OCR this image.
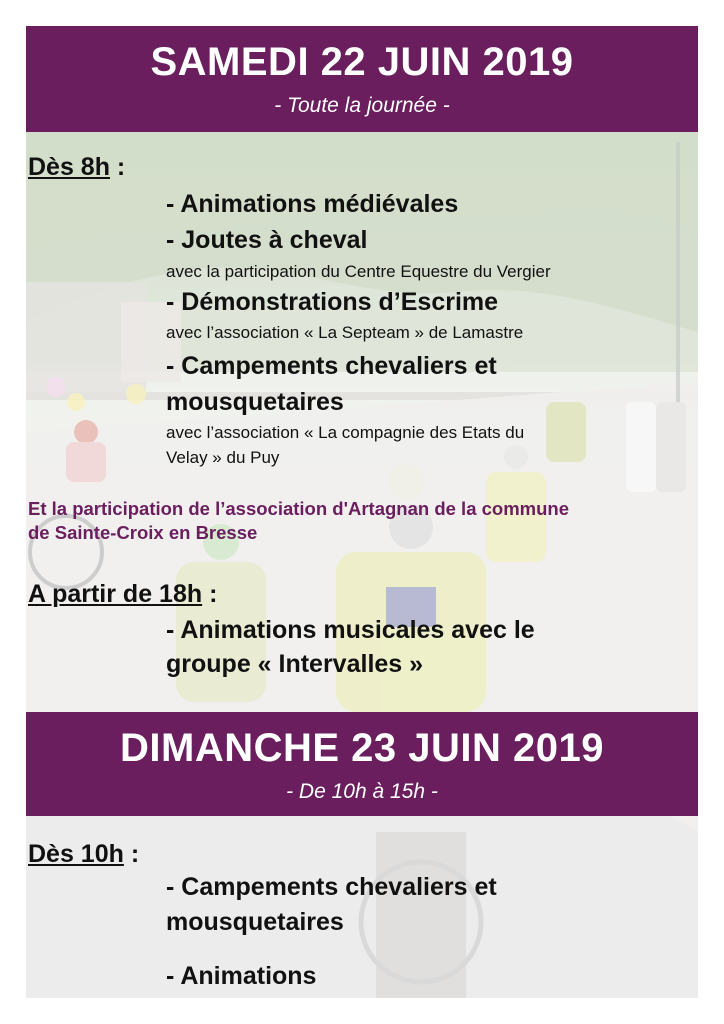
SAMEDI 22 JUIN 2019
- Toute la journée -
Dès 8h :
- Animations médiévales
- Joutes à cheval
avec la participation du Centre Equestre du Vergier
- Démonstrations d’Escrime
avec l’association « La Septeam » de Lamastre
- Campements chevaliers et
mousquetaires
avec l’association « La compagnie des Etats du
Velay » du Puy
Et la participation de l’association d'Artagnan de la commune
de Sainte-Croix en Bresse
A partir de 18h :
- Animations musicales avec le
groupe « Intervalles »
DIMANCHE 23 JUIN 2019
- De 10h à 15h -
Dès 10h :
- Campements chevaliers et
mousquetaires
- Animations
